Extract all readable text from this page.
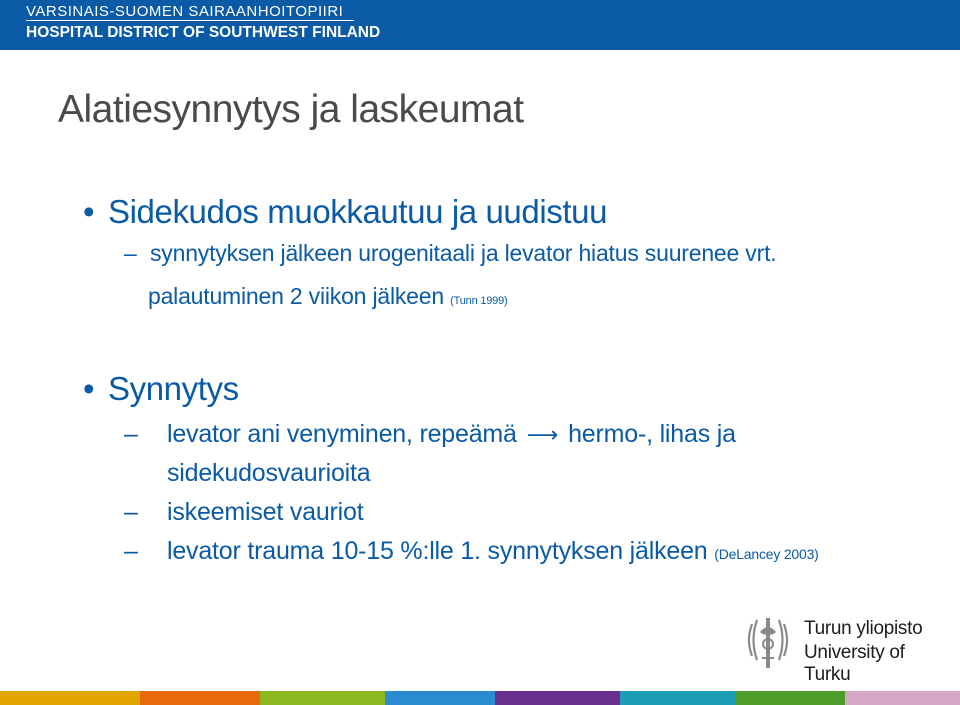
VARSINAIS-SUOMEN SAIRAANHOITOPIIRI
HOSPITAL DISTRICT OF SOUTHWEST FINLAND
Alatiesynnytys ja laskeumat
• Sidekudos muokkautuu ja uudistuu
– synnytyksen jälkeen urogenitaali ja levator hiatus suurenee vrt.
palautuminen 2 viikon jälkeen (Tunn 1999)
• Synnytys
– levator ani venyminen, repeämä ⟶ hermo-, lihas ja
sidekudosvaurioita
– iskeemiset vauriot
– levator trauma 10-15 %:lle 1. synnytyksen jälkeen (DeLancey 2003)
Turun yliopisto
University of Turku
